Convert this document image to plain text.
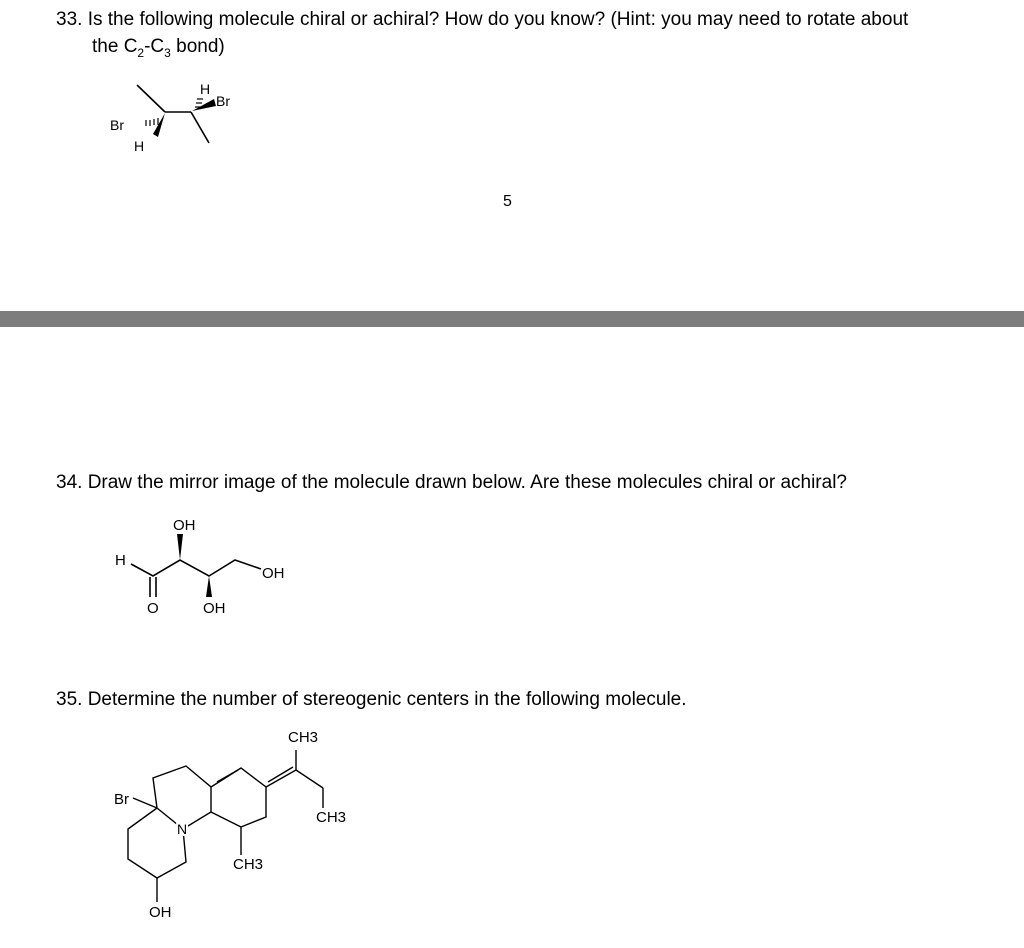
33. Is the following molecule chiral or achiral? How do you know? (Hint: you may need to rotate about
the $C_2-C_3$ bond)
Br
H
H
Br
5
34. Draw the mirror image of the molecule drawn below. Are these molecules chiral or achiral?
OH
H
OH
O	OH
35. Determine the number of stereogenic centers in the following molecule.
CH3
Br
CH3
N
CH3
OH
